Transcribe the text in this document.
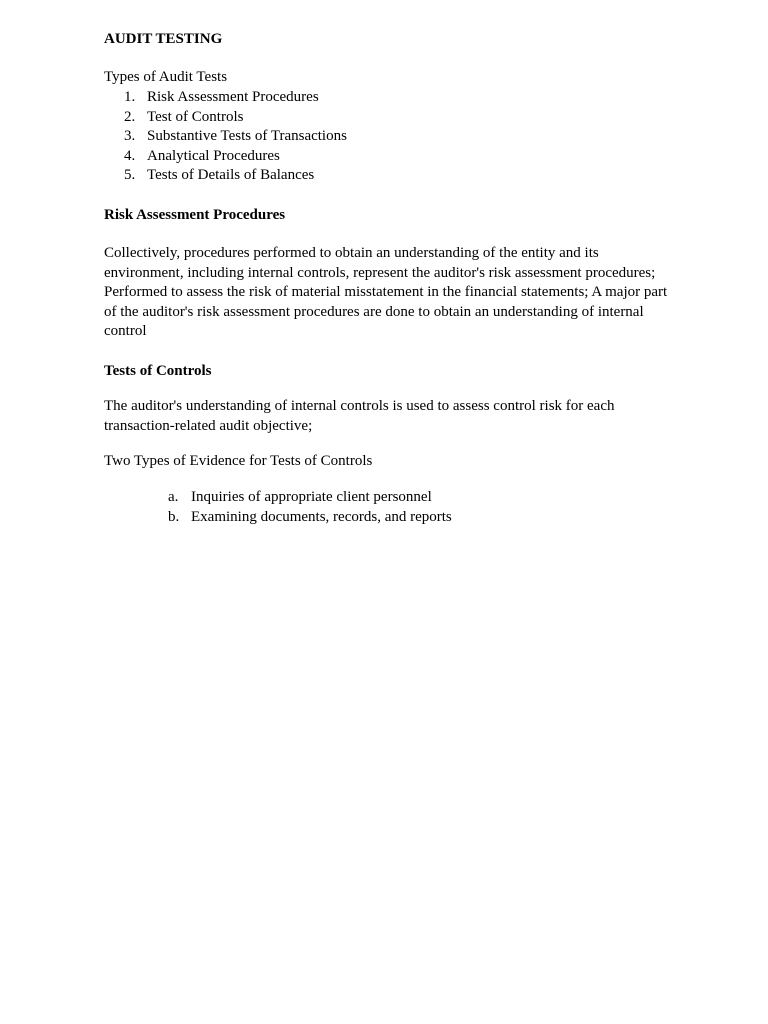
AUDIT TESTING
Types of Audit Tests
1. Risk Assessment Procedures
2. Test of Controls
3. Substantive Tests of Transactions
4. Analytical Procedures
5. Tests of Details of Balances
Risk Assessment Procedures
Collectively, procedures performed to obtain an understanding of the entity and its
environment, including internal controls, represent the auditor's risk assessment procedures;
Performed to assess the risk of material misstatement in the financial statements; A major part
of the auditor's risk assessment procedures are done to obtain an understanding of internal
control
Tests of Controls
The auditor's understanding of internal controls is used to assess control risk for each
transaction-related audit objective;
Two Types of Evidence for Tests of Controls
a. Inquiries of appropriate client personnel
b. Examining documents, records, and reports
